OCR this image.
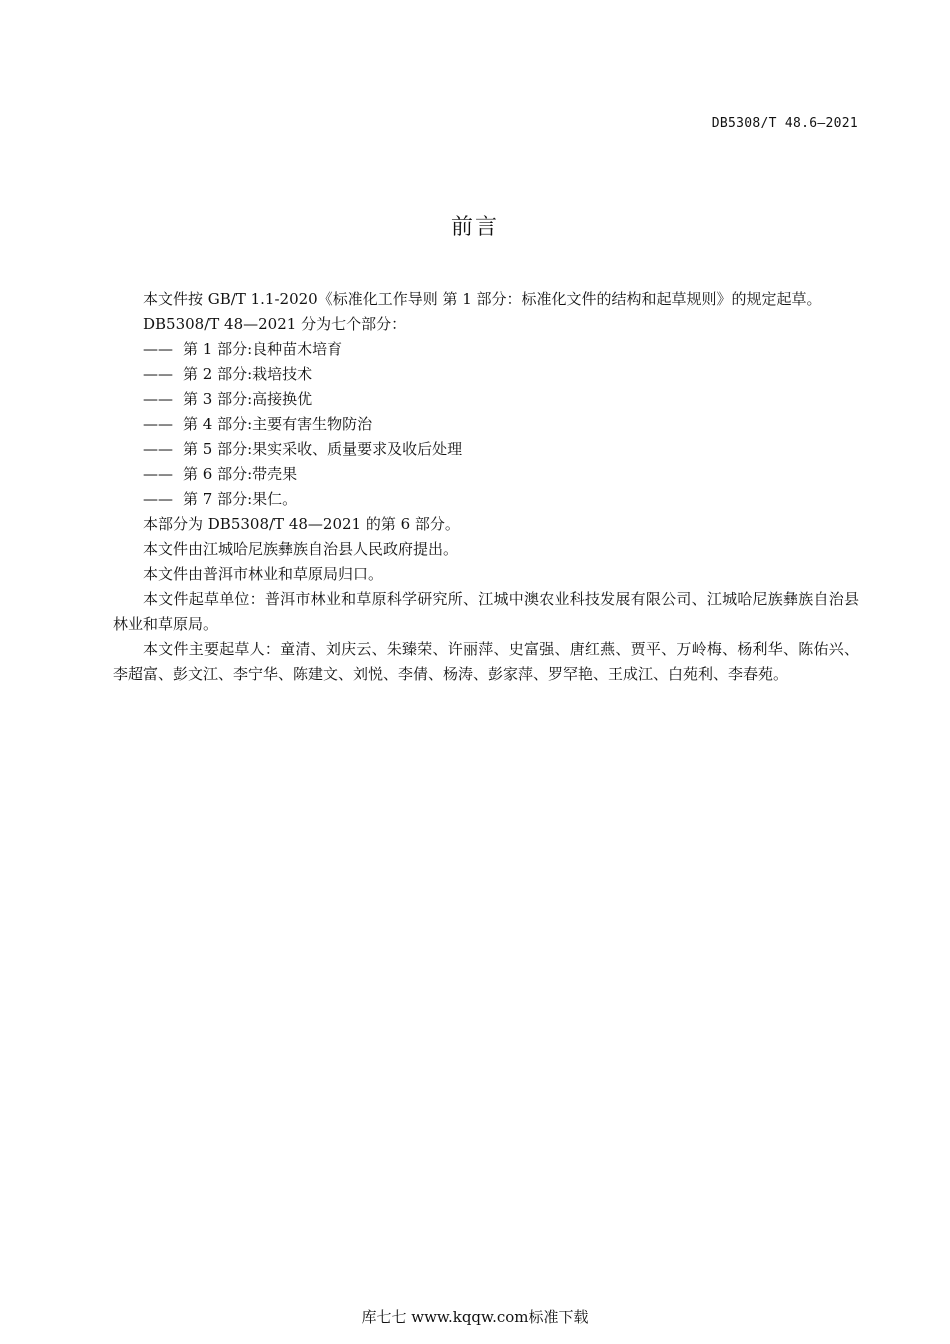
DB5308/T 48.6—2021
前言

本文件按 GB/T 1.1-2020《标准化工作导则 第 1 部分：标准化文件的结构和起草规则》的规定起草。

DB5308/T 48—2021 分为七个部分：

—— 第 1 部分:良种苗木培育
—— 第 2 部分:栽培技术
—— 第 3 部分:高接换优
—— 第 4 部分:主要有害生物防治
—— 第 5 部分:果实采收、质量要求及收后处理
—— 第 6 部分:带壳果
—— 第 7 部分:果仁。

本部分为 DB5308/T 48—2021 的第 6 部分。

本文件由江城哈尼族彝族自治县人民政府提出。

本文件由普洱市林业和草原局归口。

本文件起草单位：普洱市林业和草原科学研究所、江城中澳农业科技发展有限公司、江城哈尼族彝族自治县林业和草原局。

本文件主要起草人：童清、刘庆云、朱臻荣、许丽萍、史富强、唐红燕、贾平、万岭梅、杨利华、陈佑兴、李超富、彭文江、李宁华、陈建文、刘悦、李倩、杨涛、彭家萍、罗罕艳、王成江、白苑利、李春苑。

库七七 www.kqqw.com标准下载
